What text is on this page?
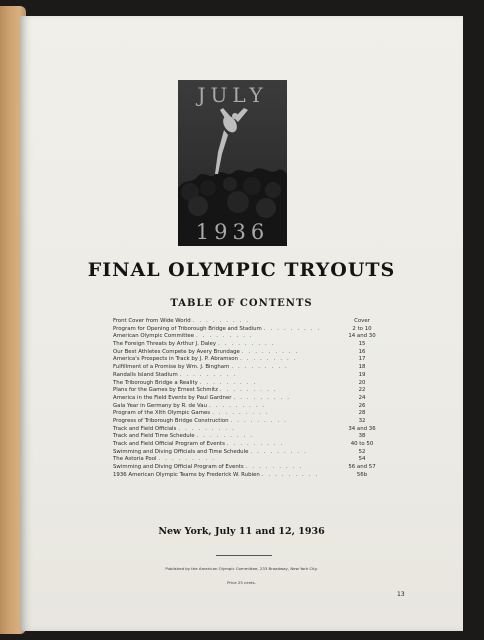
JULY
1936
FINAL OLYMPIC TRYOUTS
TABLE OF CONTENTS
Front Cover from Wide World .........	Cover
Program for Opening of Triborough Bridge and Stadium .........	2 to 10
American Olympic Committee .........	14 and 30
The Foreign Threats by Arthur J. Daley .........	15
Our Best Athletes Compete by Avery Brundage .........	16
America's Prospects in Track by J. P. Abramson .........	17
Fulfillment of a Promise by Wm. J. Bingham .........	18
Randalls Island Stadium .........	19
The Triborough Bridge a Reality .........	20
Plans for the Games by Ernest Schmitz .........	22
America in the Field Events by Paul Gardner .........	24
Gala Year in Germany by R. de Vau .........	26
Program of the XIth Olympic Games .........	28
Progress of Triborough Bridge Construction .........	32
Track and Field Officials .........	34 and 36
Track and Field Time Schedule .........	38
Track and Field Official Program of Events .........	40 to 50
Swimming and Diving Officials and Time Schedule .........	52
The Astoria Pool .........	54
Swimming and Diving Official Program of Events .........	56 and 57
1936 American Olympic Teams by Frederick W. Rubien .........	56b
New York, July 11 and 12, 1936
Published by the American Olympic Committee, 233 Broadway, New York City.
Price 25 cents.
13
